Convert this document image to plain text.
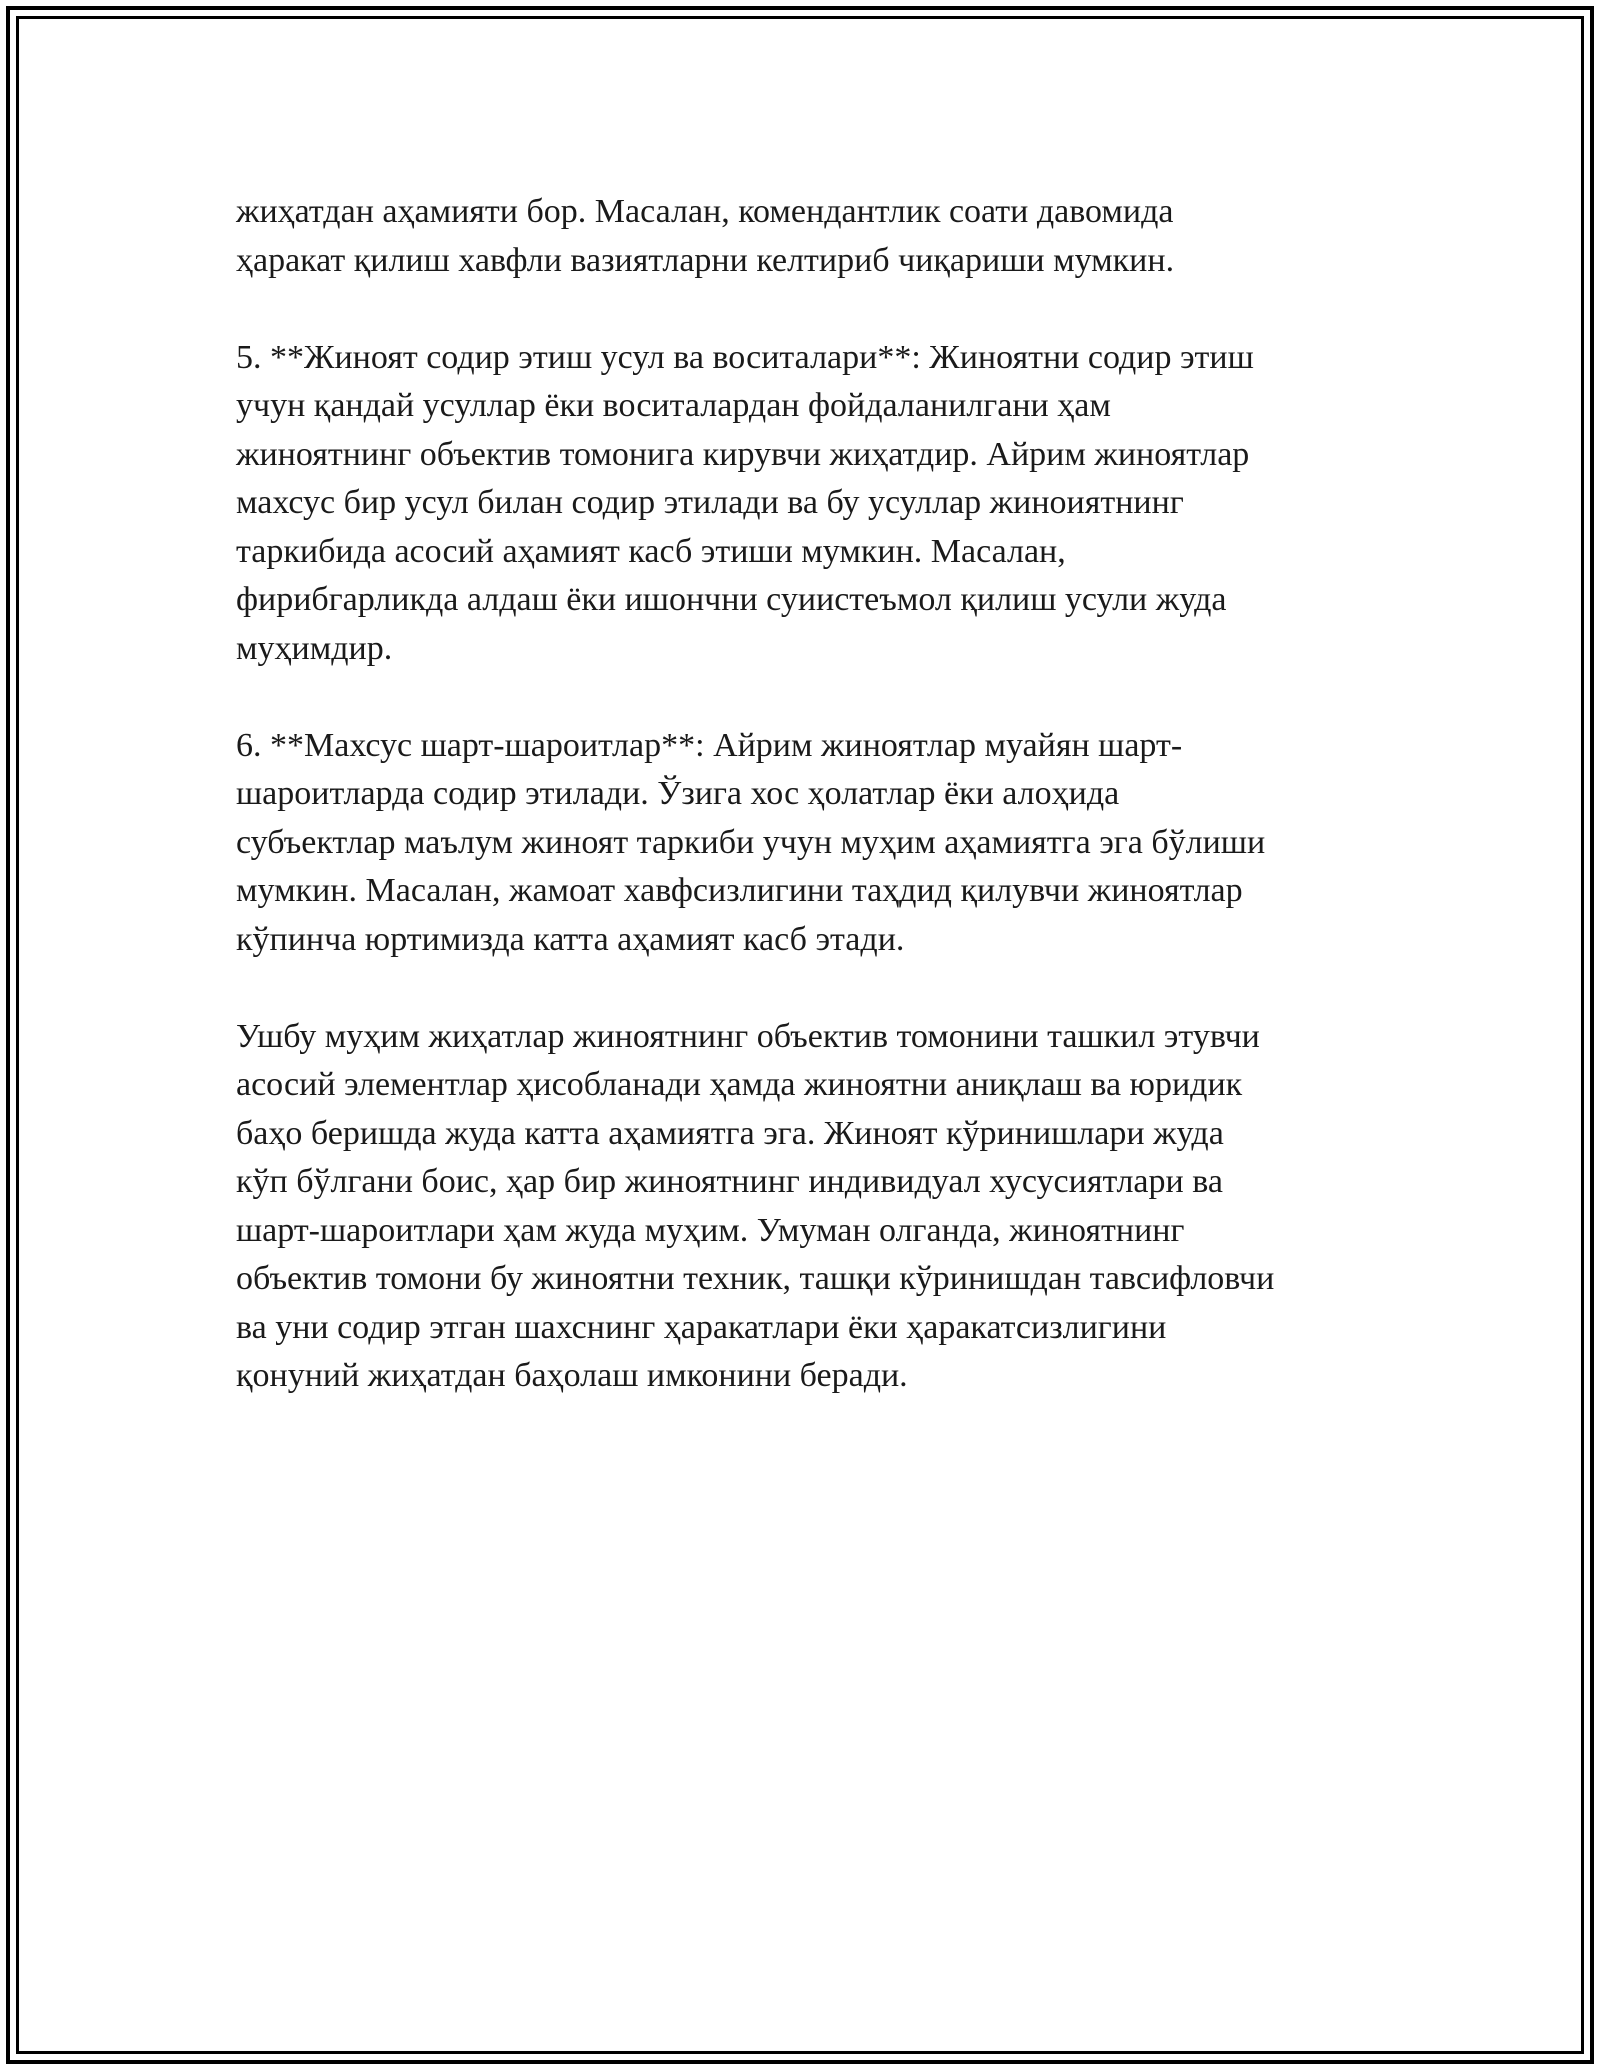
жиҳатдан аҳамияти бор. Масалан, комендантлик соати давомида
ҳаракат қилиш хавфли вазиятларни келтириб чиқариши мумкин.

5. **Жиноят содир этиш усул ва воситалари**: Жиноятни содир этиш
учун қандай усуллар ёки воситалардан фойдаланилгани ҳам
жиноятнинг объектив томонига кирувчи жиҳатдир. Айрим жиноятлар
махсус бир усул билан содир этилади ва бу усуллар жиноиятнинг
таркибида асосий аҳамият касб этиши мумкин. Масалан,
фирибгарликда алдаш ёки ишончни суиистеъмол қилиш усули жуда
муҳимдир.

6. **Махсус шарт-шароитлар**: Айрим жиноятлар муайян шарт-
шароитларда содир этилади. Ўзига хос ҳолатлар ёки алоҳида
субъектлар маълум жиноят таркиби учун муҳим аҳамиятга эга бўлиши
мумкин. Масалан, жамоат хавфсизлигини таҳдид қилувчи жиноятлар
кўпинча юртимизда катта аҳамият касб этади.

Ушбу муҳим жиҳатлар жиноятнинг объектив томонини ташкил этувчи
асосий элементлар ҳисобланади ҳамда жиноятни аниқлаш ва юридик
баҳо беришда жуда катта аҳамиятга эга. Жиноят кўринишлари жуда
кўп бўлгани боис, ҳар бир жиноятнинг индивидуал хусусиятлари ва
шарт-шароитлари ҳам жуда муҳим. Умуман олганда, жиноятнинг
объектив томони бу жиноятни техник, ташқи кўринишдан тавсифловчи
ва уни содир этган шахснинг ҳаракатлари ёки ҳаракатсизлигини
қонуний жиҳатдан баҳолаш имконини беради.
